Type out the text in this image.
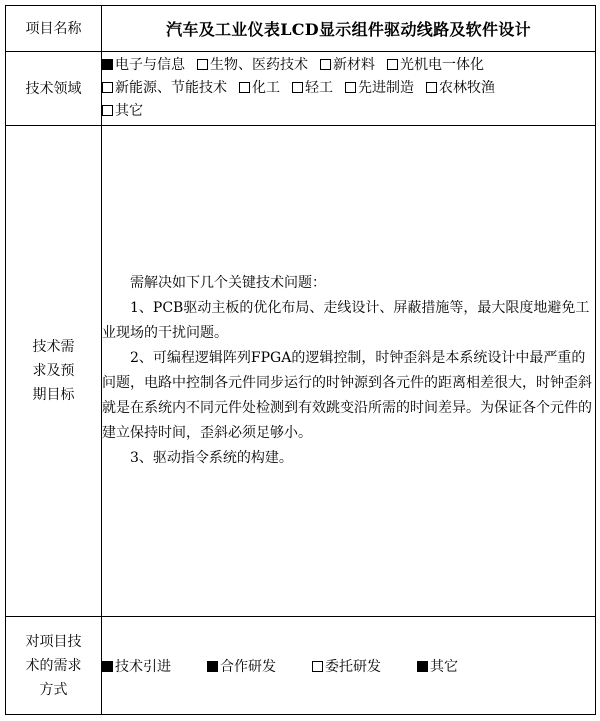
项目名称	汽车及工业仪表LCD显示组件驱动线路及软件设计
技术领域	电子与信息 生物、医药技术 新材料 光机电一体化
新能源、节能技术 化工 轻工 先进制造 农林牧渔
其它
技术需求及预期目标	需解决如下几个关键技术问题：

1、PCB驱动主板的优化布局、走线设计、屏蔽措施等，最大限度地避免工业现场的干扰问题。

2、可编程逻辑阵列FPGA的逻辑控制，时钟歪斜是本系统设计中最严重的问题，电路中控制各元件同步运行的时钟源到各元件的距离相差很大，时钟歪斜就是在系统内不同元件处检测到有效跳变沿所需的时间差异。为保证各个元件的建立保持时间，歪斜必须足够小。

3、驱动指令系统的构建。

对项目技术的需求方式	技术引进 合作研发 委托研发 其它
